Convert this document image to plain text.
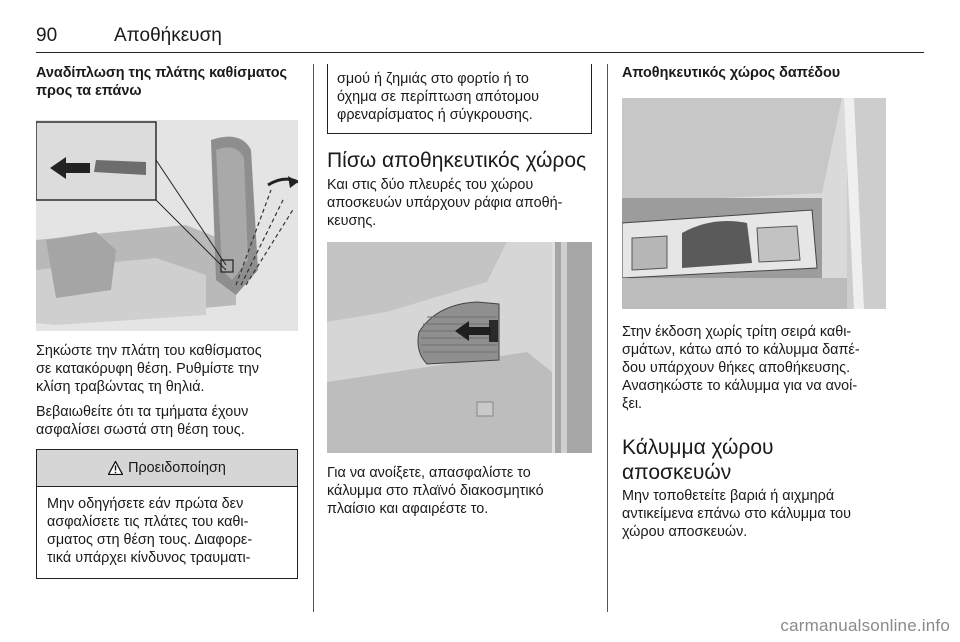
90	Αποθήκευση
Αναδίπλωση της πλάτης καθίσματος
προς τα επάνω

Σηκώστε την πλάτη του καθίσματος

σε κατακόρυφη θέση. Ρυθμίστε την

κλίση τραβώντας τη θηλιά.

Βεβαιωθείτε ότι τα τμήματα έχουν

ασφαλίσει σωστά στη θέση τους.

Προειδοποίηση

Μην οδηγήσετε εάν πρώτα δεν

ασφαλίσετε τις πλάτες του καθι-

σματος στη θέση τους. Διαφορε-

τικά υπάρχει κίνδυνος τραυματι-

σμού ή ζημιάς στο φορτίο ή το

όχημα σε περίπτωση απότομου

φρεναρίσματος ή σύγκρουσης.

Πίσω αποθηκευτικός χώρος

Και στις δύο πλευρές του χώρου

αποσκευών υπάρχουν ράφια αποθή-

κευσης.

Για να ανοίξετε, απασφαλίστε το

κάλυμμα στο πλαϊνό διακοσμητικό

πλαίσιο και αφαιρέστε το.

Αποθηκευτικός χώρος δαπέδου

Στην έκδοση χωρίς τρίτη σειρά καθι-

σμάτων, κάτω από το κάλυμμα δαπέ-

δου υπάρχουν θήκες αποθήκευσης.

Ανασηκώστε το κάλυμμα για να ανοί-

ξει.

Κάλυμμα χώρου
αποσκευών

Μην τοποθετείτε βαριά ή αιχμηρά

αντικείμενα επάνω στο κάλυμμα του

χώρου αποσκευών.

carmanualsonline.info
